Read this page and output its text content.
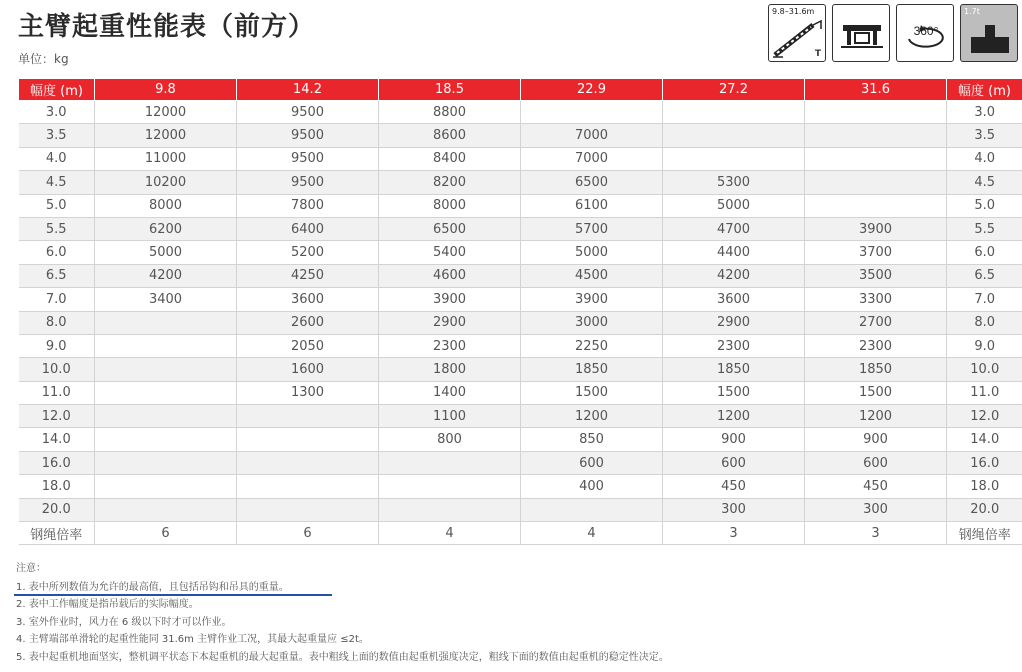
主臂起重性能表（前方）
单位：kg
9.8–31.6m
T
360°
1.7t
幅度 (m)	9.8	14.2	18.5	22.9	27.2	31.6	幅度 (m)
3.0	12000	9500	8800				3.0
3.5	12000	9500	8600	7000			3.5
4.0	11000	9500	8400	7000			4.0
4.5	10200	9500	8200	6500	5300		4.5
5.0	8000	7800	8000	6100	5000		5.0
5.5	6200	6400	6500	5700	4700	3900	5.5
6.0	5000	5200	5400	5000	4400	3700	6.0
6.5	4200	4250	4600	4500	4200	3500	6.5
7.0	3400	3600	3900	3900	3600	3300	7.0
8.0		2600	2900	3000	2900	2700	8.0
9.0		2050	2300	2250	2300	2300	9.0
10.0		1600	1800	1850	1850	1850	10.0
11.0		1300	1400	1500	1500	1500	11.0
12.0			1100	1200	1200	1200	12.0
14.0			800	850	900	900	14.0
16.0				600	600	600	16.0
18.0				400	450	450	18.0
20.0					300	300	20.0
钢绳倍率	6	6	4	4	3	3	钢绳倍率
注意：
1. 表中所列数值为允许的最高值，且包括吊钩和吊具的重量。
2. 表中工作幅度是指吊载后的实际幅度。
3. 室外作业时，风力在 6 级以下时才可以作业。
4. 主臂端部单滑轮的起重性能同 31.6m 主臂作业工况，其最大起重量应 ≤2t。
5. 表中起重机地面坚实，整机调平状态下本起重机的最大起重量。表中粗线上面的数值由起重机强度决定，粗线下面的数值由起重机的稳定性决定。
